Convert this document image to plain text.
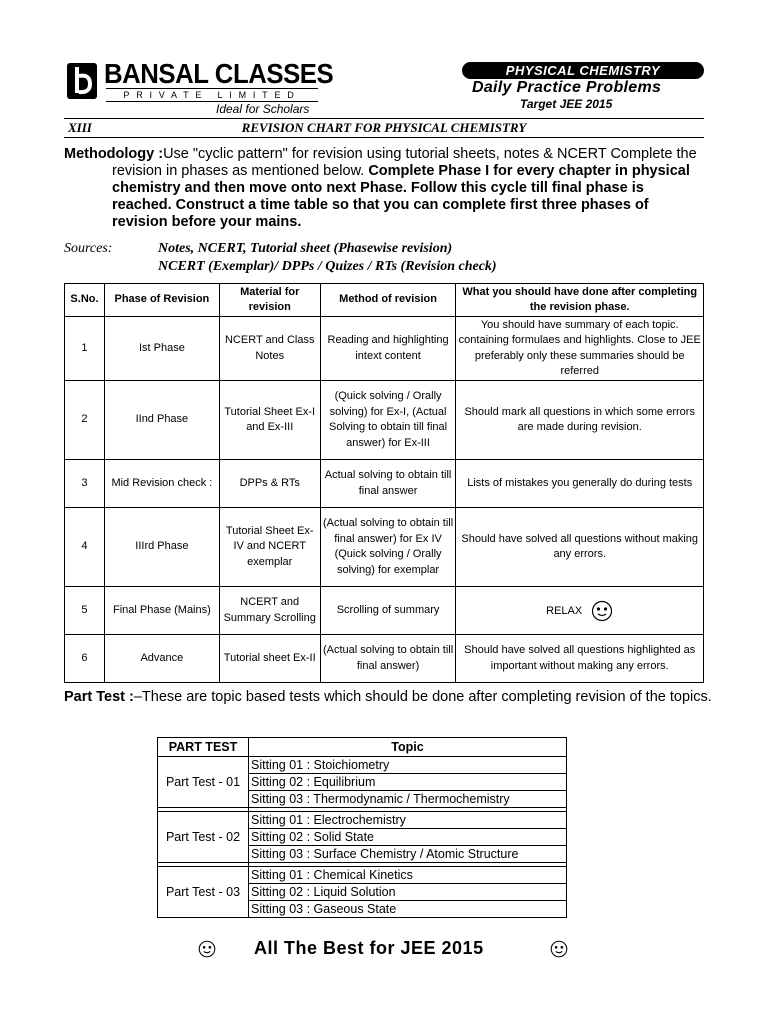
BANSAL CLASSES
PRIVATE LIMITED
Ideal for Scholars
PHYSICAL CHEMISTRY
Daily Practice Problems
Target JEE 2015
XIII	REVISION CHART FOR PHYSICAL CHEMISTRY
Methodology :Use "cyclic pattern" for revision using tutorial sheets, notes & NCERT Complete the revision in phases as mentioned below. Complete Phase I for every chapter in physical chemistry and then move onto next Phase. Follow this cycle till final phase is reached. Construct a time table so that you can complete first three phases of revision before your mains.
Sources:	Notes, NCERT, Tutorial sheet (Phasewise revision)
NCERT (Exemplar)/ DPPs / Quizes / RTs (Revision check)
S.No.	Phase of Revision	Material for revision	Method of revision	What you should have done after completing the revision phase.
1	Ist Phase	NCERT and Class Notes	Reading and highlighting intext content	You should have summary of each topic. containing formulaes and highlights. Close to JEE preferably only these summaries should be referred
2	IInd Phase	Tutorial Sheet Ex-I and Ex-III	(Quick solving / Orally solving) for Ex-I, (Actual Solving to obtain till final answer) for Ex-III	Should mark all questions in which some errors are made during revision.
3	Mid Revision check :	DPPs & RTs	Actual solving to obtain till final answer	Lists of mistakes you generally do during tests
4	IIIrd Phase	Tutorial Sheet Ex-IV and NCERT exemplar	(Actual solving to obtain till final answer) for Ex IV (Quick solving / Orally solving) for exemplar	Should have solved all questions without making any errors.
5	Final Phase (Mains)	NCERT and Summary Scrolling	Scrolling of summary	RELAX
6	Advance	Tutorial sheet Ex-II	(Actual solving to obtain till final answer)	Should have solved all questions highlighted as important without making any errors.
Part Test :–These are topic based tests which should be done after completing revision of the topics.
PART TEST	Topic
Part Test - 01	Sitting 01 : Stoichiometry
	Sitting 02 : Equilibrium
	Sitting 03 : Thermodynamic / Thermochemistry

Part Test - 02	Sitting 01 : Electrochemistry
	Sitting 02 : Solid State
	Sitting 03 : Surface Chemistry / Atomic Structure

Part Test - 03	Sitting 01 : Chemical Kinetics
	Sitting 02 : Liquid Solution
	Sitting 03 : Gaseous State
All The Best for JEE 2015
